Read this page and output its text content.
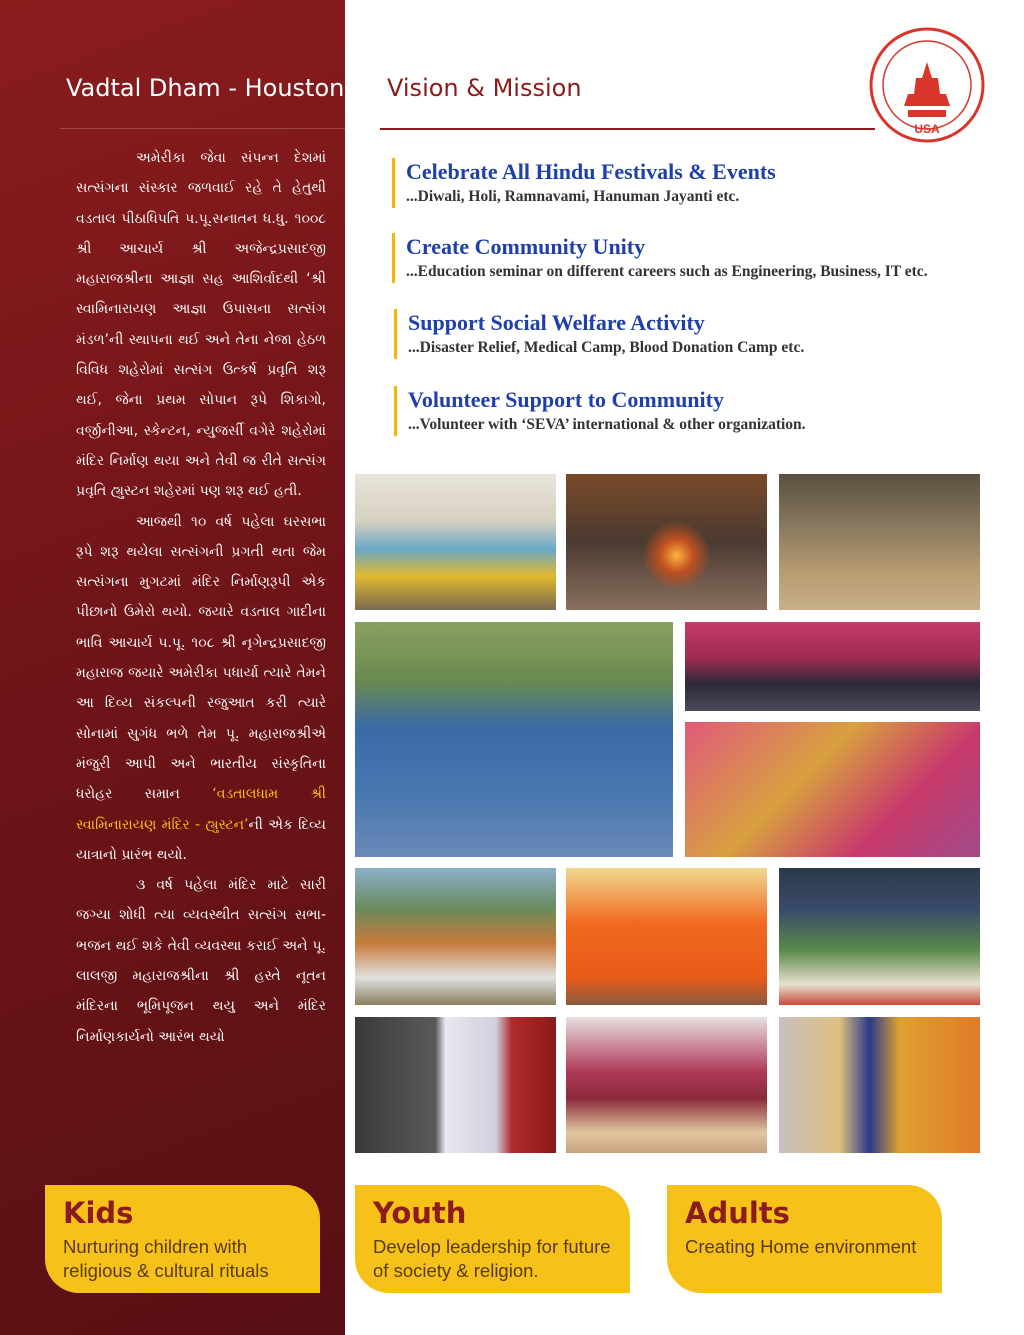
Vadtal Dham - Houston

અમેરીકા જેવા સંપન્ન દેશમાં સત્સંગના સંસ્કાર જળવાઈ રહે તે હેતુથી વડતાલ પીઠાધિપતિ પ.પૂ.સનાતન ધ.ધુ. ૧૦૦૮ શ્રી આચાર્ય શ્રી અજેન્દ્રપ્રસાદજી મહારાજશ્રીના આજ્ઞા સહ આશિર્વાદથી ‘શ્રી સ્વામિનારાયણ આજ્ઞા ઉપાસના સત્સંગ મંડળ’ની સ્થાપના થઈ અને તેના નેજા હેઠળ વિવિધ શહેરોમાં સત્સંગ ઉત્કર્ષ પ્રવૃતિ શરૂ થઈ, જેના પ્રથમ સોપાન રૂપે શિકાગો, વર્જીનીઆ, સ્કેન્ટન, ન્યુજર્સી વગેરે શહેરોમાં મંદિર નિર્માણ થયા અને તેવી જ રીતે સત્સંગ પ્રવૃતિ હ્યુસ્ટન શહેરમાં પણ શરૂ થઈ હતી.

આજથી ૧૦ વર્ષ પહેલા ઘરસભા રૂપે શરૂ થયેલા સત્સંગની પ્રગતી થતા જેમ સત્સંગના મુગટમાં મંદિર નિર્માણરૂપી એક પીછાનો ઉમેરો થયો. જયારે વડતાલ ગાદીના ભાવિ આચાર્ય પ.પૂ. ૧૦૮ શ્રી નૃગેન્દ્રપ્રસાદજી મહારાજ જયારે અમેરીકા પધાર્યા ત્યારે તેમને આ દિવ્ય સંકલ્પની રજુઆત કરી ત્યારે સોનામાં સુગંધ ભળે તેમ પૂ. મહારાજશ્રીએ મંજુરી આપી અને ભારતીય સંસ્કૃતિના ધરોહર સમાન ‘વડતાલધામ શ્રી સ્વામિનારાયણ મંદિર - હ્યુસ્ટન’ની એક દિવ્ય યાત્રાનો પ્રારંભ થયો.

૩ વર્ષ પહેલા મંદિર માટે સારી જગ્યા શોધી ત્યા વ્યવસ્થીત સત્સંગ સભા-ભજન થઈ શકે તેવી વ્યવસ્થા કરાઈ અને પૂ. લાલજી મહારાજશ્રીના શ્રી હસ્તે નૂતન મંદિરના ભૂમિપૂજન થયુ અને મંદિર નિર્માણકાર્યનો આરંભ થયો

Vision & Mission
USA
Celebrate All Hindu Festivals & Events

...Diwali, Holi, Ramnavami, Hanuman Jayanti etc.

Create Community Unity

...Education seminar on different careers such as Engineering, Business, IT etc.

Support Social Welfare Activity

...Disaster Relief, Medical Camp, Blood Donation Camp etc.

Volunteer Support to Community

...Volunteer with ‘SEVA’ international & other organization.

Kids

Nurturing children with religious & cultural rituals

Youth

Develop leadership for future of society & religion.

Adults

Creating Home environment
